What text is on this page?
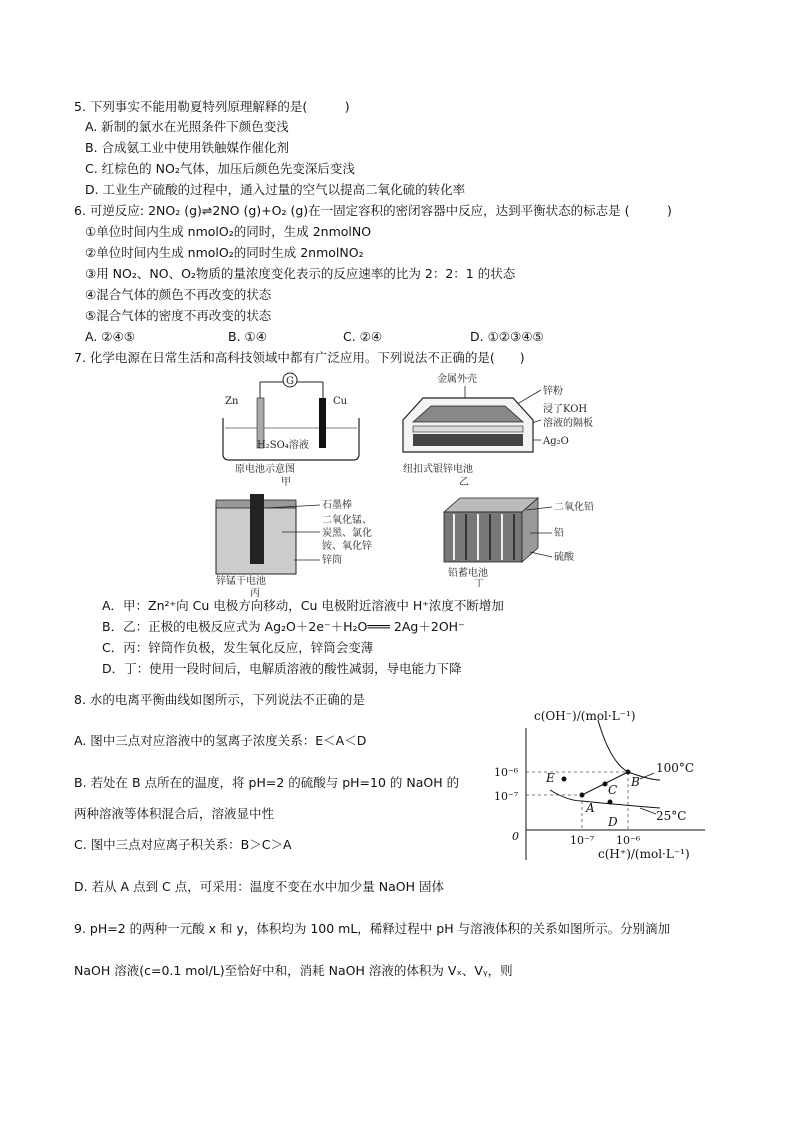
5. 下列事实不能用勒夏特列原理解释的是(　　　)
A. 新制的氯水在光照条件下颜色变浅
B. 合成氨工业中使用铁触媒作催化剂
C. 红棕色的 NO₂气体，加压后颜色先变深后变浅
D. 工业生产硫酸的过程中，通入过量的空气以提高二氧化硫的转化率
6. 可逆反应: 2NO₂ (g)⇌2NO (g)+O₂ (g)在一固定容积的密闭容器中反应，达到平衡状态的标志是 (　　　)
①单位时间内生成 nmolO₂的同时，生成 2nmolNO
②单位时间内生成 nmolO₂的同时生成 2nmolNO₂
③用 NO₂、NO、O₂物质的量浓度变化表示的反应速率的比为 2：2：1 的状态
④混合气体的颜色不再改变的状态
⑤混合气体的密度不再改变的状态
A. ②④⑤	B. ①④	C. ②④	D. ①②③④⑤
7. 化学电源在日常生活和高科技领域中都有广泛应用。下列说法不正确的是(　　)
G
Zn	Cu
H₂SO₄溶液
原电池示意图
甲
金属外壳
锌粉
浸了KOH
溶液的隔板
Ag₂O
纽扣式银锌电池
乙
石墨棒
二氧化锰、
炭黑、氯化
铵、氧化锌
锌筒
锌锰干电池
丙
二氧化铅
铅
硫酸
铅蓄电池
丁
A．甲：Zn²⁺向 Cu 电极方向移动，Cu 电极附近溶液中 H⁺浓度不断增加
B．乙：正极的电极反应式为 Ag₂O＋2e⁻＋H₂O═══ 2Ag＋2OH⁻
C．丙：锌筒作负极，发生氧化反应，锌筒会变薄
D．丁：使用一段时间后，电解质溶液的酸性减弱，导电能力下降
8. 水的电离平衡曲线如图所示，下列说法不正确的是
A. 图中三点对应溶液中的氢离子浓度关系：E＜A＜D
B. 若处在 B 点所在的温度，将 pH=2 的硫酸与 pH=10 的 NaOH 的
两种溶液等体积混合后，溶液显中性
C. 图中三点对应离子积关系：B＞C＞A
D. 若从 A 点到 C 点，可采用：温度不变在水中加少量 NaOH 固体
c(OH⁻)/(mol·L⁻¹)
0
10⁻⁶
10⁻⁷
10⁻⁷ 10⁻⁶
c(H⁺)/(mol·L⁻¹)
100°C
25°C
E
A
C
D
B
9. pH=2 的两种一元酸 x 和 y，体积均为 100 mL，稀释过程中 pH 与溶液体积的关系如图所示。分别滴加
NaOH 溶液(c=0.1 mol/L)至恰好中和，消耗 NaOH 溶液的体积为 Vₓ、Vᵧ，则
